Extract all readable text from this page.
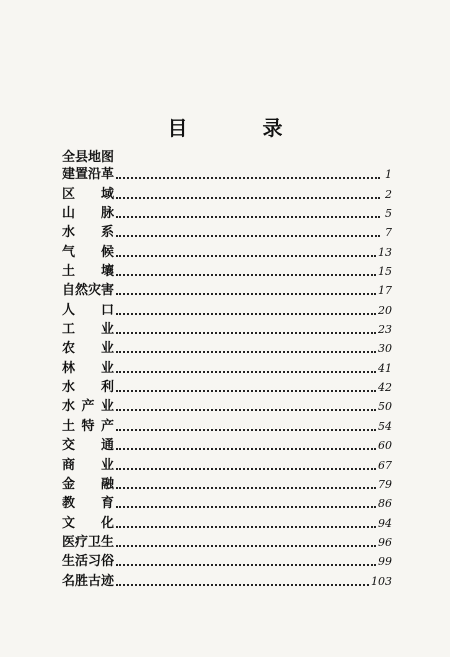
目 录
全县地图
建置沿革	1
区 域	2
山 脉	5
水 系	7
气 候	13
土 壤	15
自然灾害	17
人 口	20
工 业	23
农 业	30
林 业	41
水 利	42
水 产 业	50
土 特 产	54
交 通	60
商 业	67
金 融	79
教 育	86
文 化	94
医疗卫生	96
生活习俗	99
名胜古迹	103
